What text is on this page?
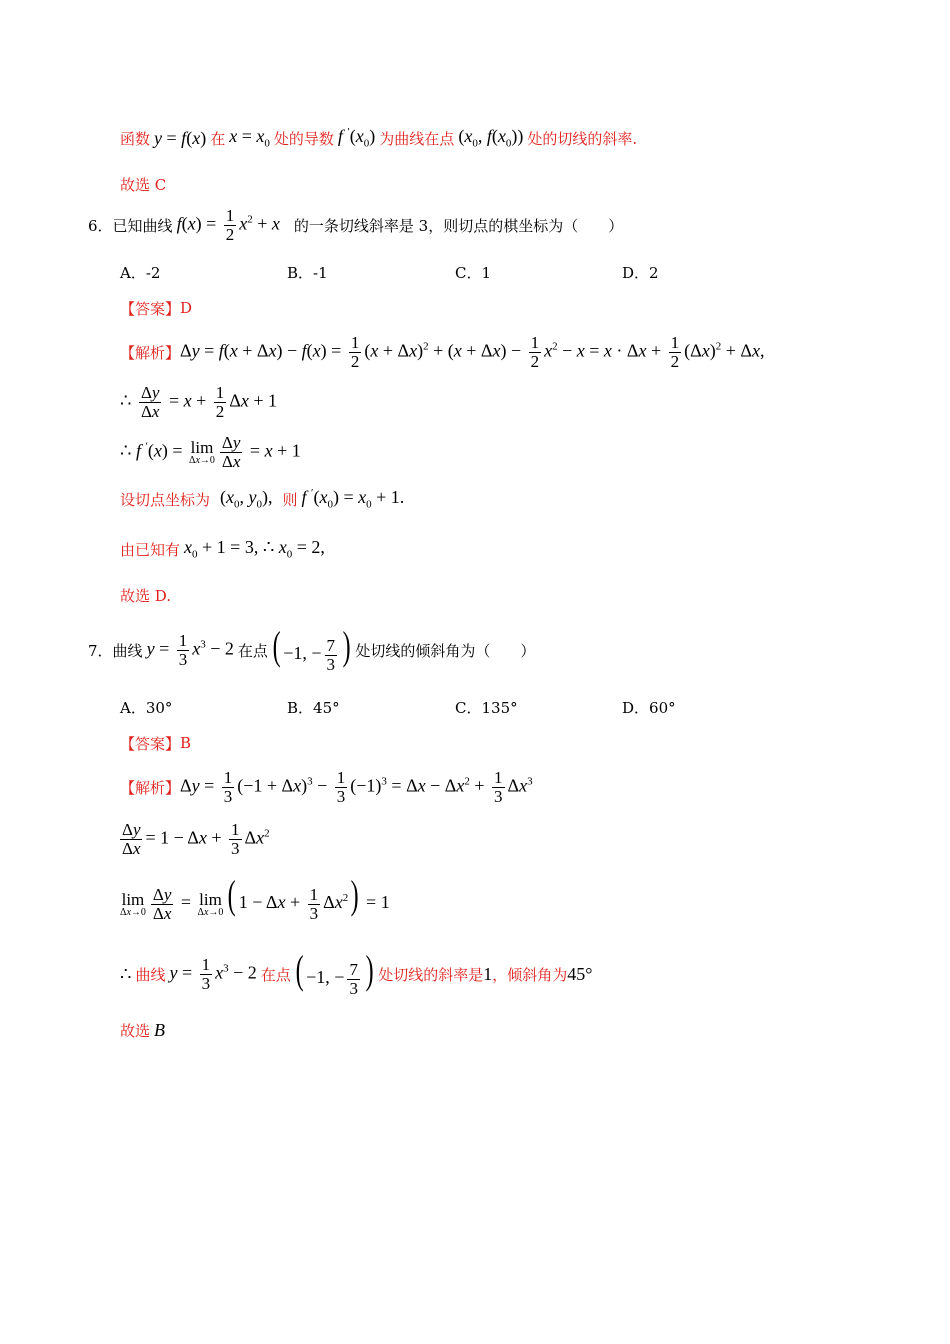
函数 y = f(x) 在 $x = x_0$ 处的导数 f $'(x_0)$ 为曲线在点 ($x_0$, $f(x_0)$) 处的切线的斜率.
故选 C
6． 已知曲线 $f(x) = \frac{1}{2} x^2 + x$ 的一条切线斜率是 3，则切点的棋坐标为（　　）
A．-2	B．-1	C．1	D．2
【答案】 D
【解析】 $\Delta y = f(x + \Delta x) - f(x) = \frac{1}{2} (x + \Delta x)^2 + (x + \Delta x) - \frac{1}{2} x^2 - x = x \cdot \Delta x + \frac{1}{2} (\Delta x)^2 + \Delta x$,
∴ $\frac{\Delta y}{\Delta x} = x + \frac{1}{2}$ Δx + 1
∴ f ′(x) = lim
$\Delta x\to 0 \frac{\Delta y}{\Delta x} = x + 1$
设切点坐标为 ($x_0$, $y_0$), 则 f $'(x_0) = x_0 + 1$.
由已知有 $x_0 + 1 = 3$, ∴ $x_0 = 2$,
故选 D.
7． 曲线 $y = \frac{1}{3} x^3 - 2$ 在点 ( −1, − $\frac{7}{3}$ ) 处切线的倾斜角为（　　）
A．30°	B．45°	C．135°	D．60°
【答案】 B
【解析】 $\Delta y = \frac{1}{3} (-1 + \Delta x)^3 - \frac{1}{3} (-1)^3 = \Delta x - \Delta x^2 + \frac{1}{3} \Delta x^3$
$\frac{\Delta y}{\Delta x} = 1 - \Delta x + \frac{1}{3} \Delta x^2$
lim
$\Delta x\to 0 \frac{\Delta y}{\Delta x} = \lim$
Δx→0 ( $1 - \Delta x + \frac{1}{3} \Delta x^2) = 1$
∴ 曲线 $y = \frac{1}{3} x^3 - 2$ 在点 ( −1, − $\frac{7}{3}$ ) 处切线的斜率是 1 ，倾斜角为 45°
故选 B
